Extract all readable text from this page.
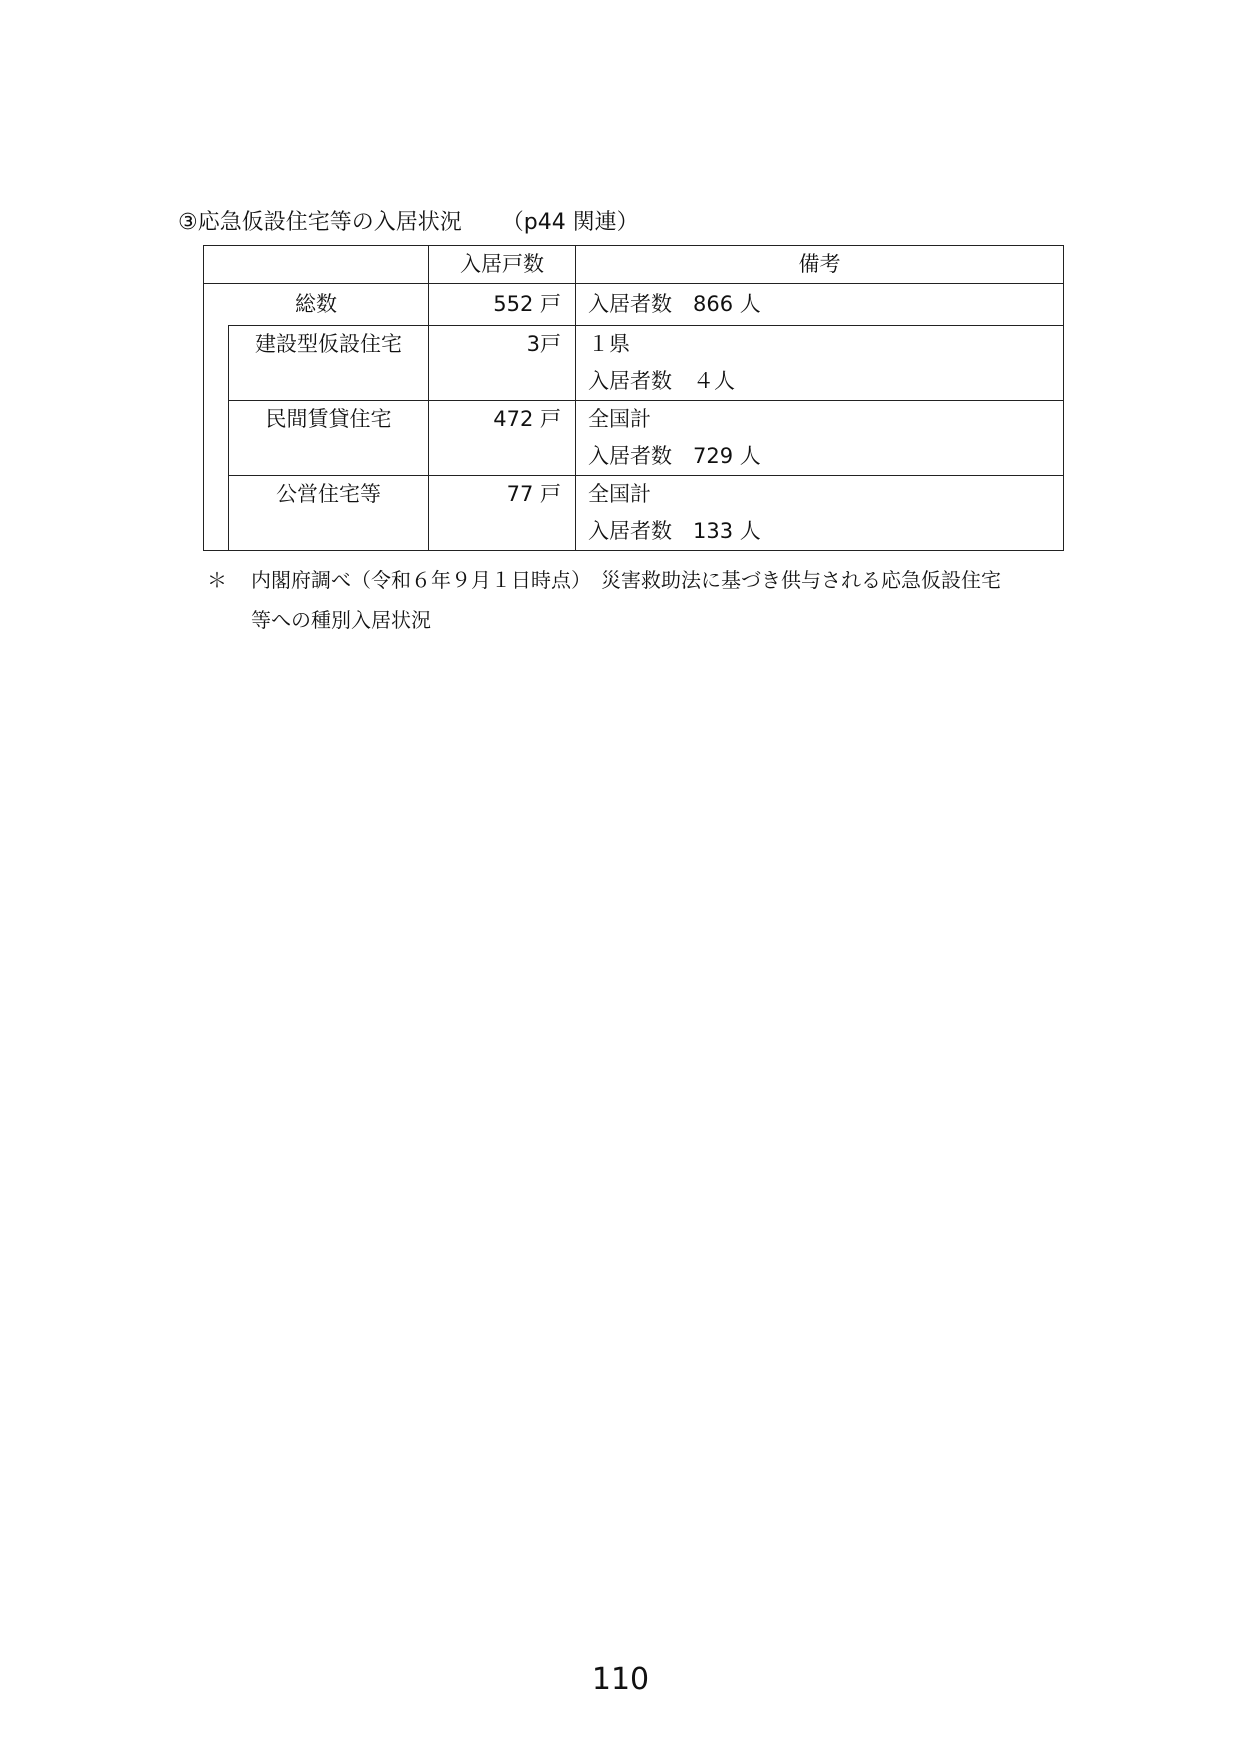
③応急仮設住宅等の入居状況 （p44 関連）
		入居戸数	備考
総数		552 戸	入居者数　866 人

	建設型仮設住宅	3戸	１県
入居者数　４人

	民間賃貸住宅	472 戸	全国計
入居者数　729 人

	公営住宅等	77 戸	全国計
入居者数　133 人
＊ 内閣府調べ（令和６年９月１日時点）　災害救助法に基づき供与される応急仮設住宅
等への種別入居状況
110
